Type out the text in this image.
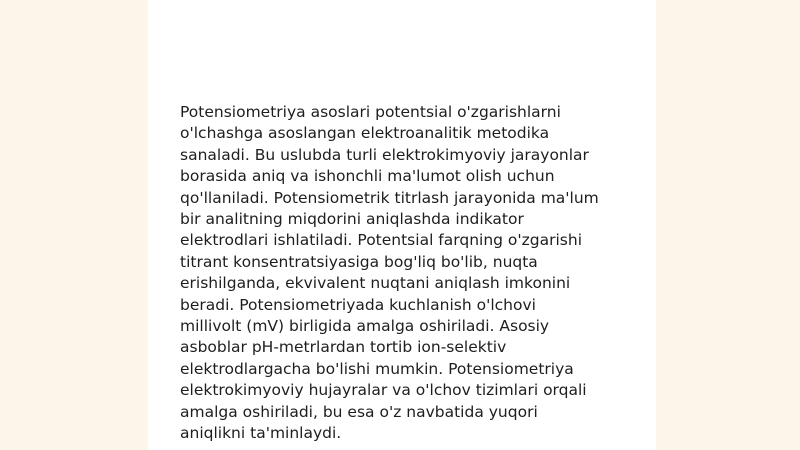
Potensiometriya asoslari potentsial o'zgarishlarni
o'lchashga asoslangan elektroanalitik metodika
sanaladi. Bu uslubda turli elektrokimyoviy jarayonlar
borasida aniq va ishonchli ma'lumot olish uchun
qo'llaniladi. Potensiometrik titrlash jarayonida ma'lum
bir analitning miqdorini aniqlashda indikator
elektrodlari ishlatiladi. Potentsial farqning o'zgarishi
titrant konsentratsiyasiga bog'liq bo'lib, nuqta
erishilganda, ekvivalent nuqtani aniqlash imkonini
beradi. Potensiometriyada kuchlanish o'lchovi
millivolt (mV) birligida amalga oshiriladi. Asosiy
asboblar pH-metrlardan tortib ion-selektiv
elektrodlargacha bo'lishi mumkin. Potensiometriya
elektrokimyoviy hujayralar va o'lchov tizimlari orqali
amalga oshiriladi, bu esa o'z navbatida yuqori
aniqlikni ta'minlaydi.
